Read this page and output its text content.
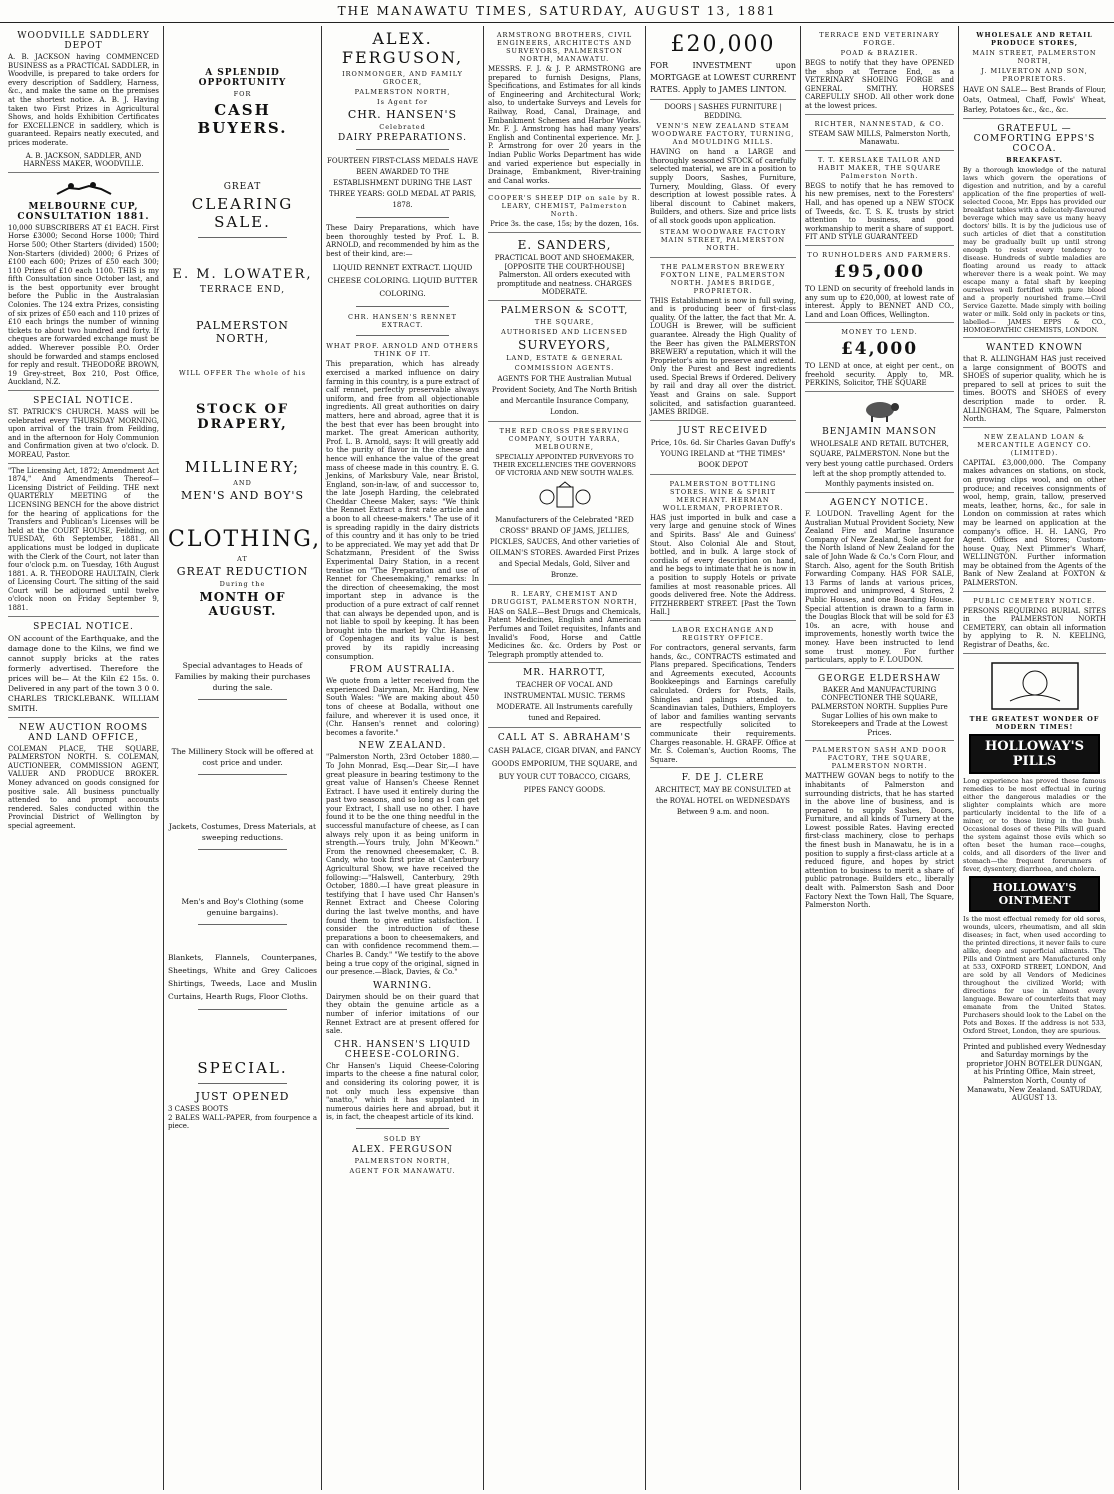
THE MANAWATU TIMES, SATURDAY, AUGUST 13, 1881
WOODVILLE SADDLERY DEPOT

A. B. JACKSON having COMMENCED BUSINESS as a PRACTICAL SADDLER, in Woodville, is prepared to take orders for every description of Saddlery, Harness, &c., and make the same on the premises at the shortest notice. A. B. J. Having taken two First Prizes in Agricultural Shows, and holds Exhibition Certificates for EXCELLENCE in saddlery, which is guaranteed. Repairs neatly executed, and prices moderate.

A. B. JACKSON, SADDLER, AND HARNESS MAKER, WOODVILLE.

MELBOURNE CUP, CONSULTATION 1881.

10,000 SUBSCRIBERS AT £1 EACH. First Horse £3000; Second Horse 1000; Third Horse 500; Other Starters (divided) 1500; Non-Starters (divided) 2000; 6 Prizes of £100 each 600; Prizes of £50 each 300; 110 Prizes of £10 each 1100. THIS is my fifth Consultation since October last, and is the best opportunity ever brought before the Public in the Australasian Colonies. The 124 extra Prizes, consisting of six prizes of £50 each and 110 prizes of £10 each brings the number of winning tickets to about two hundred and forty. If cheques are forwarded exchange must be added. Wherever possible P.O. Order should be forwarded and stamps enclosed for reply and result. THEODORE BROWN, 19 Grey-street, Box 210, Post Office, Auckland, N.Z.

SPECIAL NOTICE.

ST. PATRICK'S CHURCH. MASS will be celebrated every THURSDAY MORNING, upon arrival of the train from Feilding, and in the afternoon for Holy Communion and Confirmation given at two o'clock. D. MOREAU, Pastor.

"The Licensing Act, 1872; Amendment Act 1874," And Amendments Thereof— Licensing District of Feilding. THE next QUARTERLY MEETING of the LICENSING BENCH for the above district for the hearing of applications for the Transfers and Publican's Licenses will be held at the COURT HOUSE, Feilding, on TUESDAY, 6th September, 1881. All applications must be lodged in duplicate with the Clerk of the Court, not later than four o'clock p.m. on Tuesday, 16th August 1881. A. R. THEODORE HAULTAIN, Clerk of Licensing Court. The sitting of the said Court will be adjourned until twelve o'clock noon on Friday September 9, 1881.

SPECIAL NOTICE.

ON account of the Earthquake, and the damage done to the Kilns, we find we cannot supply bricks at the rates formerly advertised. Therefore the prices will be— At the Kiln £2 15s. 0. Delivered in any part of the town 3 0 0. CHARLES TRICKLEBANK. WILLIAM SMITH.

NEW AUCTION ROOMS AND LAND OFFICE,

COLEMAN PLACE, THE SQUARE, PALMERSTON NORTH. S. COLEMAN, AUCTIONEER, COMMISSION AGENT, VALUER AND PRODUCE BROKER. Money advanced on goods consigned for positive sale. All business punctually attended to and prompt accounts rendered. Sales conducted within the Provincial District of Wellington by special agreement.

A SPLENDID OPPORTUNITY
FOR
CASH BUYERS.
GREAT
CLEARING SALE.
E. M. LOWATER,
TERRACE END,
PALMERSTON NORTH,
WILL OFFER The whole of his
STOCK OF DRAPERY,
MILLINERY;
AND
MEN'S AND BOY'S
CLOTHING,
AT
GREAT REDUCTION
During the
MONTH OF AUGUST.

Special advantages to Heads of Families by making their purchases during the sale.

The Millinery Stock will be offered at cost price and under.

Jackets, Costumes, Dress Materials, at sweeping reductions.

Men's and Boy's Clothing (some genuine bargains).

Blankets, Flannels, Counterpanes, Sheetings, White and Grey Calicoes Shirtings, Tweeds, Lace and Muslin Curtains, Hearth Rugs, Floor Cloths.

SPECIAL.
JUST OPENED

3 CASES BOOTS

2 BALES WALL-PAPER, from fourpence a piece.

ALEX. FERGUSON,
IRONMONGER, AND FAMILY GROCER,
PALMERSTON NORTH,
Is Agent for
CHR. HANSEN'S
Celebrated
DAIRY PREPARATIONS.

FOURTEEN FIRST-CLASS MEDALS HAVE BEEN AWARDED TO THE ESTABLISHMENT DURING THE LAST THREE YEARS: GOLD MEDAL AT PARIS, 1878.

These Dairy Preparations, which have been thoroughly tested by Prof. L. B. ARNOLD, and recommended by him as the best of their kind, are:—

LIQUID RENNET EXTRACT. LIQUID CHEESE COLORING. LIQUID BUTTER COLORING.

CHR. HANSEN'S RENNET EXTRACT.
WHAT PROF. ARNOLD AND OTHERS THINK OF IT.

This preparation, which has already exercised a marked influence on dairy farming in this country, is a pure extract of calf rennet, perfectly preservable always uniform, and free from all objectionable ingredients. All great authorities on dairy matters, here and abroad, agree that it is the best that ever has been brought into market. The great American authority, Prof. L. B. Arnold, says: It will greatly add to the purity of flavor in the cheese and hence will enhance the value of the great mass of cheese made in this country. E. G. Jenkins, of Marksbury Vale, near Bristol, England, son-in-law, of and successor to, the late Joseph Harding, the celebrated Cheddar Cheese Maker, says: "We think the Rennet Extract a first rate article and a boon to all cheese-makers." The use of it is spreading rapidly in the dairy districts of this country and it has only to be tried to be appreciated. We may yet add that Dr Schatzmann, President of the Swiss Experimental Dairy Station, in a recent treatise on "The Preparation and use of Rennet for Cheesemaking," remarks: In the direction of cheesemaking, the most important step in advance is the production of a pure extract of calf rennet that can always be depended upon, and is not liable to spoil by keeping. It has been brought into the market by Chr. Hansen, of Copenhagen and its value is best proved by its rapidly increasing consumption.

FROM AUSTRALIA.

We quote from a letter received from the experienced Dairyman, Mr. Harding, New South Wales: "We are making about 450 tons of cheese at Bodalla, without one failure, and wherever it is used once, it (Chr. Hansen's rennet and coloring) becomes a favorite."

NEW ZEALAND.

"Palmerston North, 23rd October 1880.—To John Monrad, Esq.—Dear Sir,—I have great pleasure in bearing testimony to the great value of Hansen's Cheese Rennet Extract. I have used it entirely during the past two seasons, and so long as I can get your Extract, I shall use no other. I have found it to be the one thing needful in the successful manufacture of cheese, as I can always rely upon it as being uniform in strength.—Yours truly, John M'Keown." From the renowned cheesemaker, C. B. Candy, who took first prize at Canterbury Agricultural Show, we have received the following:—"Halswell, Canterbury, 29th October, 1880.—I have great pleasure in testifying that I have used Chr Hansen's Rennet Extract and Cheese Coloring during the last twelve months, and have found them to give entire satisfaction. I consider the introduction of these preparations a boon to cheesemakers, and can with confidence recommend them.—Charles B. Candy." "We testify to the above being a true copy of the original, signed in our presence.—Black, Davies, & Co."

WARNING.

Dairymen should be on their guard that they obtain the genuine article as a number of inferior imitations of our Rennet Extract are at present offered for sale.

CHR. HANSEN'S LIQUID CHEESE-COLORING.

Chr Hansen's Liquid Cheese-Coloring imparts to the cheese a fine natural color, and considering its coloring power, it is not only much less expensive than "anatto," which it has supplanted in numerous dairies here and abroad, but it is, in fact, the cheapest article of its kind.

SOLD BY
ALEX. FERGUSON
PALMERSTON NORTH,
AGENT FOR MANAWATU.
ARMSTRONG BROTHERS, CIVIL ENGINEERS, ARCHITECTS AND SURVEYORS, PALMERSTON NORTH, MANAWATU.

MESSRS. F. J. & J. P. ARMSTRONG are prepared to furnish Designs, Plans, Specifications, and Estimates for all kinds of Engineering and Architectural Work; also, to undertake Surveys and Levels for Railway, Road, Canal, Drainage, and Embankment Schemes and Harbor Works. Mr. F. J. Armstrong has had many years' English and Continental experience. Mr. J. P. Armstrong for over 20 years in the Indian Public Works Department has wide and varied experience but especially in Drainage, Embankment, River-training and Canal works.

COOPER'S SHEEP DIP on sale by R. LEARY, CHEMIST, Palmerston North.

Price 3s. the case, 15s; by the dozen, 16s.

E. SANDERS,

PRACTICAL BOOT AND SHOEMAKER, [OPPOSITE THE COURT-HOUSE] Palmerston. All orders executed with promptitude and neatness. CHARGES MODERATE.

PALMERSON & SCOTT,
THE SQUARE,
AUTHORISED AND LICENSED
SURVEYORS,
LAND, ESTATE & GENERAL
COMMISSION AGENTS.

AGENTS FOR THE Australian Mutual Provident Society, And The North British and Mercantile Insurance Company, London.

THE RED CROSS PRESERVING COMPANY, SOUTH YARRA, MELBOURNE,

SPECIALLY APPOINTED PURVEYORS TO THEIR EXCELLENCIES THE GOVERNORS OF VICTORIA AND NEW SOUTH WALES.

Manufacturers of the Celebrated "RED CROSS" BRAND OF JAMS, JELLIES, PICKLES, SAUCES, And other varieties of OILMAN'S STORES. Awarded First Prizes and Special Medals, Gold, Silver and Bronze.

R. LEARY, CHEMIST AND DRUGGIST, PALMERSTON NORTH,

HAS on SALE—Best Drugs and Chemicals, Patent Medicines, English and American Perfumes and Toilet requisites, Infants and Invalid's Food, Horse and Cattle Medicines &c. &c. Orders by Post or Telegraph promptly attended to.

MR. HARROTT,

TEACHER OF VOCAL AND INSTRUMENTAL MUSIC. TERMS MODERATE. All Instruments carefully tuned and Repaired.

CALL AT S. ABRAHAM'S

CASH PALACE, CIGAR DIVAN, and FANCY GOODS EMPORIUM, THE SQUARE, and BUY YOUR CUT TOBACCO, CIGARS, PIPES FANCY GOODS.

£20,000

FOR INVESTMENT upon MORTGAGE at LOWEST CURRENT RATES. Apply to JAMES LINTON.

DOORS | SASHES FURNITURE | BEDDING.

VENN'S NEW ZEALAND STEAM WOODWARE FACTORY, TURNING, And MOULDING MILLS.

HAVING on hand a LARGE and thoroughly seasoned STOCK of carefully selected material, we are in a position to supply Doors, Sashes, Furniture, Turnery, Moulding, Glass. Of every description at lowest possible rates. A liberal discount to Cabinet makers, Builders, and others. Size and price lists of all stock goods upon application.

STEAM WOODWARE FACTORY MAIN STREET, PALMERSTON NORTH.
THE PALMERSTON BREWERY FOXTON LINE, PALMERSTON NORTH. JAMES BRIDGE, PROPRIETOR.

THIS Establishment is now in full swing, and is producing beer of first-class quality. Of the latter, the fact that Mr. A. LOUGH is Brewer, will be sufficient guarantee. Already the High Quality of the Beer has given the PALMERSTON BREWERY a reputation, which it will the Proprietor's aim to preserve and extend. Only the Purest and Best ingredients used. Special Brews if Ordered. Delivery by rail and dray all over the district. Yeast and Grains on sale. Support solicited, and satisfaction guaranteed. JAMES BRIDGE.

JUST RECEIVED

Price, 10s. 6d. Sir Charles Gavan Duffy's YOUNG IRELAND at "THE TIMES" BOOK DEPOT

PALMERSTON BOTTLING STORES. WINE & SPIRIT MERCHANT. HERMAN WOLLERMAN, PROPRIETOR.

HAS just imported in bulk and case a very large and genuine stock of Wines and Spirits. Bass' Ale and Guiness' Stout. Also Colonial Ale and Stout, bottled, and in bulk. A large stock of cordials of every description on hand, and he begs to intimate that he is now in a position to supply Hotels or private families at most reasonable prices. All goods delivered free. Note the Address. FITZHERBERT STREET. [Past the Town Hall.]

LABOR EXCHANGE AND REGISTRY OFFICE.

For contractors, general servants, farm hands, &c., CONTRACTS estimated and Plans prepared. Specifications, Tenders and Agreements executed, Accounts Bookkeepings and Earnings carefully calculated. Orders for Posts, Rails, Shingles and palings attended to. Scandinavian tales, Duthiers, Employers of labor and families wanting servants are respectfully solicited to communicate their requirements. Charges reasonable. H. GRAFF. Office at Mr. S. Coleman's, Auction Rooms, The Square.

F. DE J. CLERE

ARCHITECT, MAY BE CONSULTED at the ROYAL HOTEL on WEDNESDAYS Between 9 a.m. and noon.

TERRACE END VETERINARY FORGE.
POAD & BRAZIER.

BEGS to notify that they have OPENED the shop at Terrace End, as a VETERINARY SHOEING FORGE and GENERAL SMITHY. HORSES CAREFULLY SHOD. All other work done at the lowest prices.

RICHTER, NANNESTAD, & CO.

STEAM SAW MILLS, Palmerston North, Manawatu.

T. T. KERSLAKE TAILOR AND HABIT MAKER, THE SQUARE Palmerston North.

BEGS to notify that he has removed to his new premises, next to the Foresters' Hall, and has opened up a NEW STOCK of Tweeds, &c. T. S. K. trusts by strict attention to business, and good workmanship to merit a share of support. FIT AND STYLE GUARANTEED

TO RUNHOLDERS AND FARMERS.
£95,000

TO LEND on security of freehold lands in any sum up to £20,000, at lowest rate of interest. Apply to BENNET AND CO., Land and Loan Offices, Wellington.

MONEY TO LEND.
£4,000

TO LEND at once, at eight per cent., on freehold security. Apply to, MR. PERKINS, Solicitor, THE SQUARE

BENJAMIN MANSON

WHOLESALE AND RETAIL BUTCHER, SQUARE, PALMERSTON. None but the very best young cattle purchased. Orders left at the shop promptly attended to. Monthly payments insisted on.

AGENCY NOTICE.

F. LOUDON. Travelling Agent for the Australian Mutual Provident Society, New Zealand Fire and Marine Insurance Company of New Zealand, Sole agent for the North Island of New Zealand for the sale of John Wade & Co.'s Corn Flour, and Starch. Also, agent for the South British Forwarding Company. HAS FOR SALE, 13 Farms of lands at various prices, improved and unimproved, 4 Stores, 2 Public Houses, and one Boarding House. Special attention is drawn to a farm in the Douglas Block that will be sold for £3 10s. an acre, with house and improvements, honestly worth twice the money. Have been instructed to lend some trust money. For further particulars, apply to F. LOUDON.

GEORGE ELDERSHAW

BAKER And MANUFACTURING CONFECTIONER THE SQUARE, PALMERSTON NORTH. Supplies Pure Sugar Lollies of his own make to Storekeepers and Trade at the Lowest Prices.

PALMERSTON SASH AND DOOR FACTORY, THE SQUARE, PALMERSTON NORTH.

MATTHEW GOVAN begs to notify to the inhabitants of Palmerston and surrounding districts, that he has started in the above line of business, and is prepared to supply Sashes, Doors, Furniture, and all kinds of Turnery at the Lowest possible Rates. Having erected first-class machinery, close to perhaps the finest bush in Manawatu, he is in a position to supply a first-class article at a reduced figure, and hopes by strict attention to business to merit a share of public patronage. Builders etc., liberally dealt with. Palmerston Sash and Door Factory Next the Town Hall, The Square, Palmerston North.

WHOLESALE AND RETAIL PRODUCE STORES,
MAIN STREET, PALMERSTON NORTH,
J. MILVERTON AND SON, PROPRIETORS.

HAVE ON SALE— Best Brands of Flour, Oats, Oatmeal, Chaff, Fowls' Wheat, Barley, Potatoes &c., &c., &c.

GRATEFUL — COMFORTING EPPS'S COCOA.
BREAKFAST.

By a thorough knowledge of the natural laws which govern the operations of digestion and nutrition, and by a careful application of the fine properties of well-selected Cocoa, Mr. Epps has provided our breakfast tables with a delicately-flavoured beverage which may save us many heavy doctors' bills. It is by the judicious use of such articles of diet that a constitution may be gradually built up until strong enough to resist every tendency to disease. Hundreds of subtle maladies are floating around us ready to attack wherever there is a weak point. We may escape many a fatal shaft by keeping ourselves well fortified with pure blood and a properly nourished frame.—Civil Service Gazette. Made simply with boiling water or milk. Sold only in packets or tins, labelled— JAMES EPPS & CO., HOMOEOPATHIC CHEMISTS, LONDON.

WANTED KNOWN

that R. ALLINGHAM HAS just received a large consignment of BOOTS and SHOES of superior quality, which he is prepared to sell at prices to suit the times. BOOTS and SHOES of every description made to order. R. ALLINGHAM, The Square, Palmerston North.

NEW ZEALAND LOAN & MERCANTILE AGENCY CO. (LIMITED).

CAPITAL £3,000,000. The Company makes advances on stations, on stock, on growing clips wool, and on other produce; and receives consignments of wool, hemp, grain, tallow, preserved meats, leather, horns, &c., for sale in London on commission at rates which may be learned on application at the company's office. H. H. LANG, Pro Agent. Offices and Stores; Custom-house Quay, Next Plimmer's Wharf, WELLINGTON. Further information may be obtained from the Agents of the Bank of New Zealand at FOXTON & PALMERSTON.

PUBLIC CEMETERY NOTICE.

PERSONS REQUIRING BURIAL SITES in the PALMERSTON NORTH CEMETERY, can obtain all information by applying to R. N. KEELING, Registrar of Deaths, &c.

THE GREATEST WONDER OF MODERN TIMES!
HOLLOWAY'S PILLS

Long experience has proved these famous remedies to be most effectual in curing either the dangerous maladies or the slighter complaints which are more particularly incidental to the life of a miner, or to those living in the bush. Occasional doses of these Pills will guard the system against those evils which so often beset the human race—coughs, colds, and all disorders of the liver and stomach—the frequent forerunners of fever, dysentery, diarrhoea, and cholera.

HOLLOWAY'S OINTMENT

Is the most effectual remedy for old sores, wounds, ulcers, rheumatism, and all skin diseases; in fact, when used according to the printed directions, it never fails to cure alike, deep and superficial ailments. The Pills and Ointment are Manufactured only at 533, OXFORD STREET, LONDON, And are sold by all Vendors of Medicines throughout the civilized World; with directions for use in almost every language. Beware of counterfeits that may emanate from the United States. Purchasers should look to the Label on the Pots and Boxes. If the address is not 533, Oxford Street, London, they are spurious.

Printed and published every Wednesday and Saturday mornings by the proprietor JOHN BOTELER DUNGAN, at his Printing Office, Main street, Palmerston North, County of Manawatu, New Zealand. SATURDAY, AUGUST 13.
